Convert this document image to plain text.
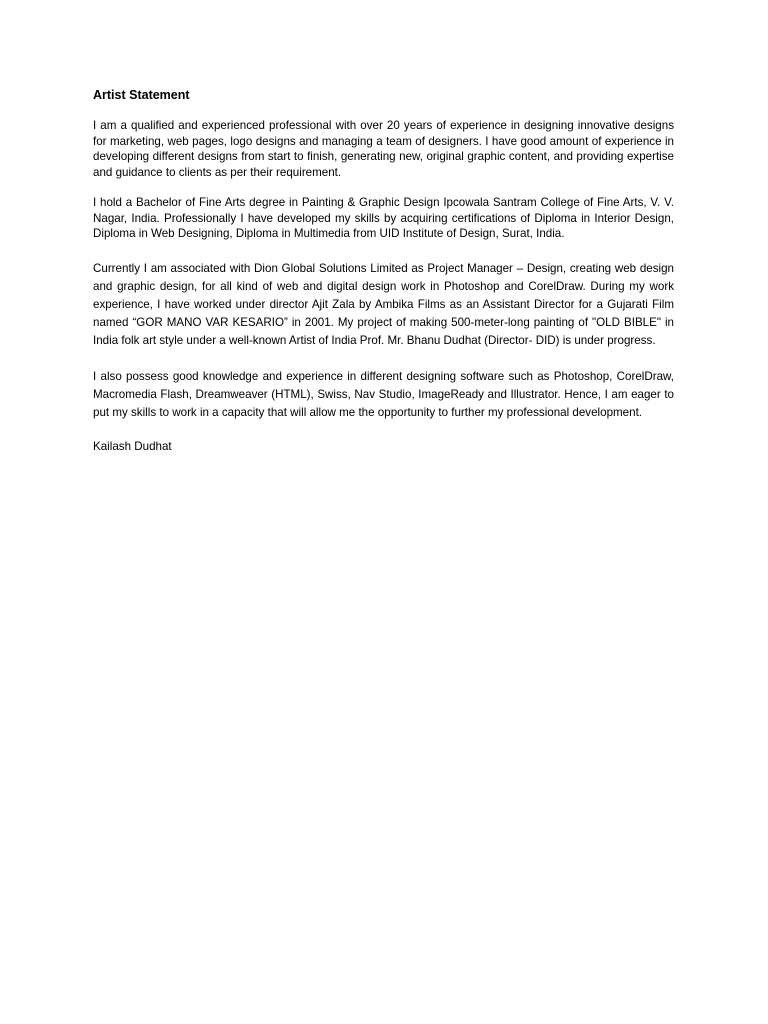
Artist Statement

I am a qualified and experienced professional with over 20 years of experience in designing innovative designs for marketing, web pages, logo designs and managing a team of designers. I have good amount of experience in developing different designs from start to finish, generating new, original graphic content, and providing expertise and guidance to clients as per their requirement.

I hold a Bachelor of Fine Arts degree in Painting & Graphic Design Ipcowala Santram College of Fine Arts, V. V. Nagar, India. Professionally I have developed my skills by acquiring certifications of Diploma in Interior Design, Diploma in Web Designing, Diploma in Multimedia from UID Institute of Design, Surat, India.

Currently I am associated with Dion Global Solutions Limited as Project Manager – Design, creating web design and graphic design, for all kind of web and digital design work in Photoshop and CorelDraw. During my work experience, I have worked under director Ajit Zala by Ambika Films as an Assistant Director for a Gujarati Film named “GOR MANO VAR KESARIO” in 2001. My project of making 500-meter-long painting of "OLD BIBLE" in India folk art style under a well-known Artist of India Prof. Mr. Bhanu Dudhat (Director- DID) is under progress.

I also possess good knowledge and experience in different designing software such as Photoshop, CorelDraw, Macromedia Flash, Dreamweaver (HTML), Swiss, Nav Studio, ImageReady and Illustrator. Hence, I am eager to put my skills to work in a capacity that will allow me the opportunity to further my professional development.

Kailash Dudhat
